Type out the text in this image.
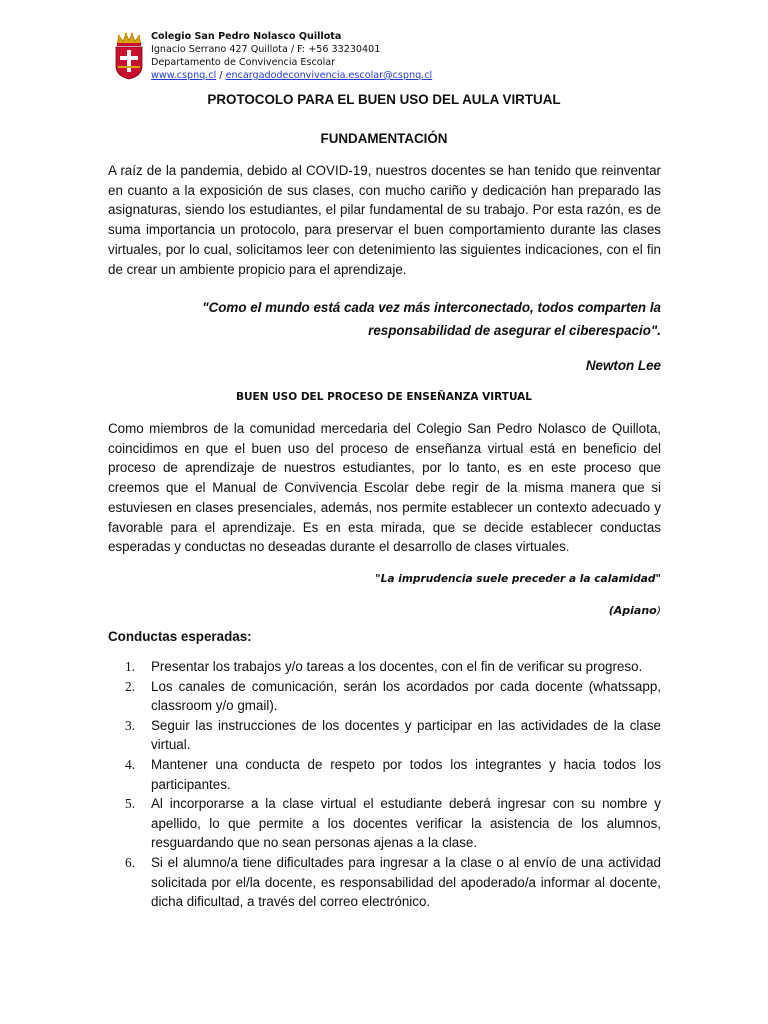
Colegio San Pedro Nolasco Quillota
Ignacio Serrano 427 Quillota / F: +56 33230401
Departamento de Convivencia Escolar
www.cspnq.cl / encargadodeconvivencia.escolar@cspnq.cl
PROTOCOLO PARA EL BUEN USO DEL AULA VIRTUAL
FUNDAMENTACIÓN

A raíz de la pandemia, debido al COVID-19, nuestros docentes se han tenido que reinventar en cuanto a la exposición de sus clases, con mucho cariño y dedicación han preparado las asignaturas, siendo los estudiantes, el pilar fundamental de su trabajo. Por esta razón, es de suma importancia un protocolo, para preservar el buen comportamiento durante las clases virtuales, por lo cual, solicitamos leer con detenimiento las siguientes indicaciones, con el fin de crear un ambiente propicio para el aprendizaje.

"Como el mundo está cada vez más interconectado, todos comparten la
responsabilidad de asegurar el ciberespacio".

Newton Lee

BUEN USO DEL PROCESO DE ENSEÑANZA VIRTUAL

Como miembros de la comunidad mercedaria del Colegio San Pedro Nolasco de Quillota, coincidimos en que el buen uso del proceso de enseñanza virtual está en beneficio del proceso de aprendizaje de nuestros estudiantes, por lo tanto, es en este proceso que creemos que el Manual de Convivencia Escolar debe regir de la misma manera que si estuviesen en clases presenciales, además, nos permite establecer un contexto adecuado y favorable para el aprendizaje. Es en esta mirada, que se decide establecer conductas esperadas y conductas no deseadas durante el desarrollo de clases virtuales.

"La imprudencia suele preceder a la calamidad"

(Apiano)

Conductas esperadas:
1. Presentar los trabajos y/o tareas a los docentes, con el fin de verificar su progreso.
2. Los canales de comunicación, serán los acordados por cada docente (whatssapp, classroom y/o gmail).
3. Seguir las instrucciones de los docentes y participar en las actividades de la clase virtual.
4. Mantener una conducta de respeto por todos los integrantes y hacia todos los participantes.
5. Al incorporarse a la clase virtual el estudiante deberá ingresar con su nombre y apellido, lo que permite a los docentes verificar la asistencia de los alumnos, resguardando que no sean personas ajenas a la clase.
6. Si el alumno/a tiene dificultades para ingresar a la clase o al envío de una actividad solicitada por el/la docente, es responsabilidad del apoderado/a informar al docente, dicha dificultad, a través del correo electrónico.
